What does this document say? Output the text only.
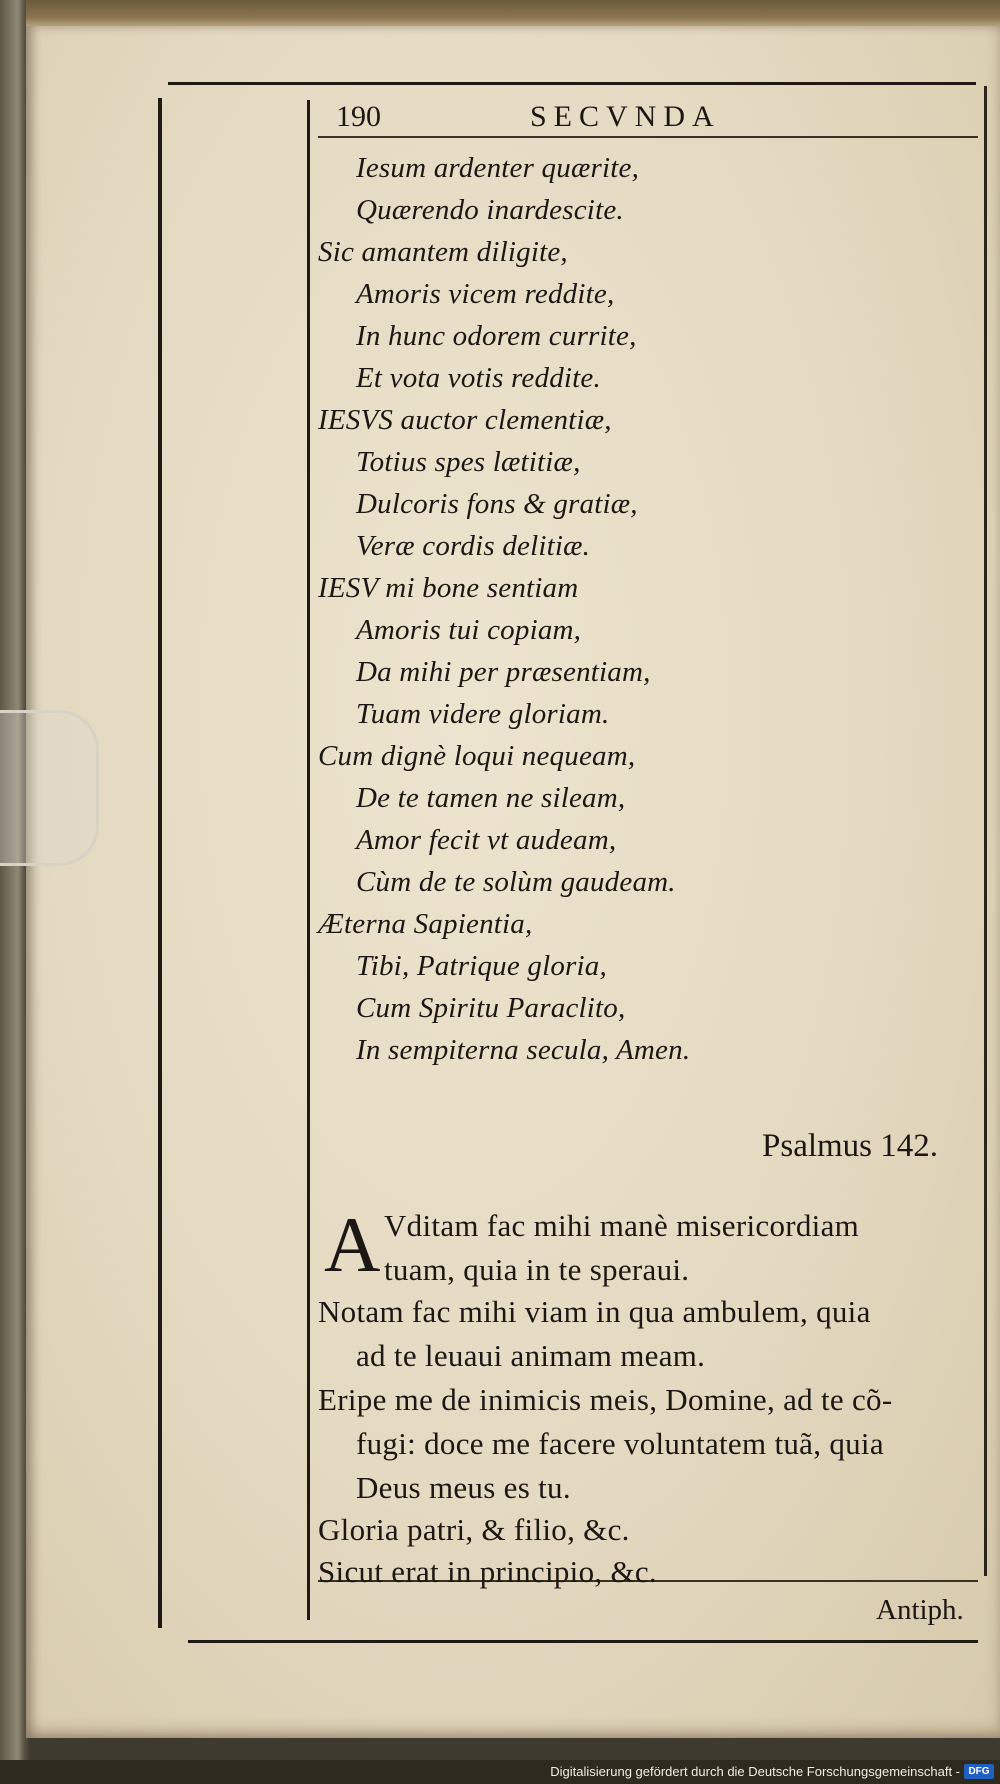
190	SECVNDA
Iesum ardenter quærite,
Quærendo inardescite.
Sic amantem diligite,
Amoris vicem reddite,
In hunc odorem currite,
Et vota votis reddite.
IESVS auctor clementiæ,
Totius spes lætitiæ,
Dulcoris fons & gratiæ,
Veræ cordis delitiæ.
IESV mi bone sentiam
Amoris tui copiam,
Da mihi per præsentiam,
Tuam videre gloriam.
Cum dignè loqui nequeam,
De te tamen ne sileam,
Amor fecit vt audeam,
Cùm de te solùm gaudeam.
Æterna Sapientia,
Tibi, Patrique gloria,
Cum Spiritu Paraclito,
In sempiterna secula, Amen.
Psalmus 142.
A Vditam fac mihi manè misericordiam
tuam, quia in te speraui.
Notam fac mihi viam in qua ambulem, quia
ad te leuaui animam meam.
Eripe me de inimicis meis, Domine, ad te cõ-
fugi: doce me facere voluntatem tuã, quia
Deus meus es tu.
Gloria patri, & filio, &c.
Sicut erat in principio, &c.
Antiph.
Digitalisierung gefördert durch die Deutsche Forschungsgemeinschaft - DFG
